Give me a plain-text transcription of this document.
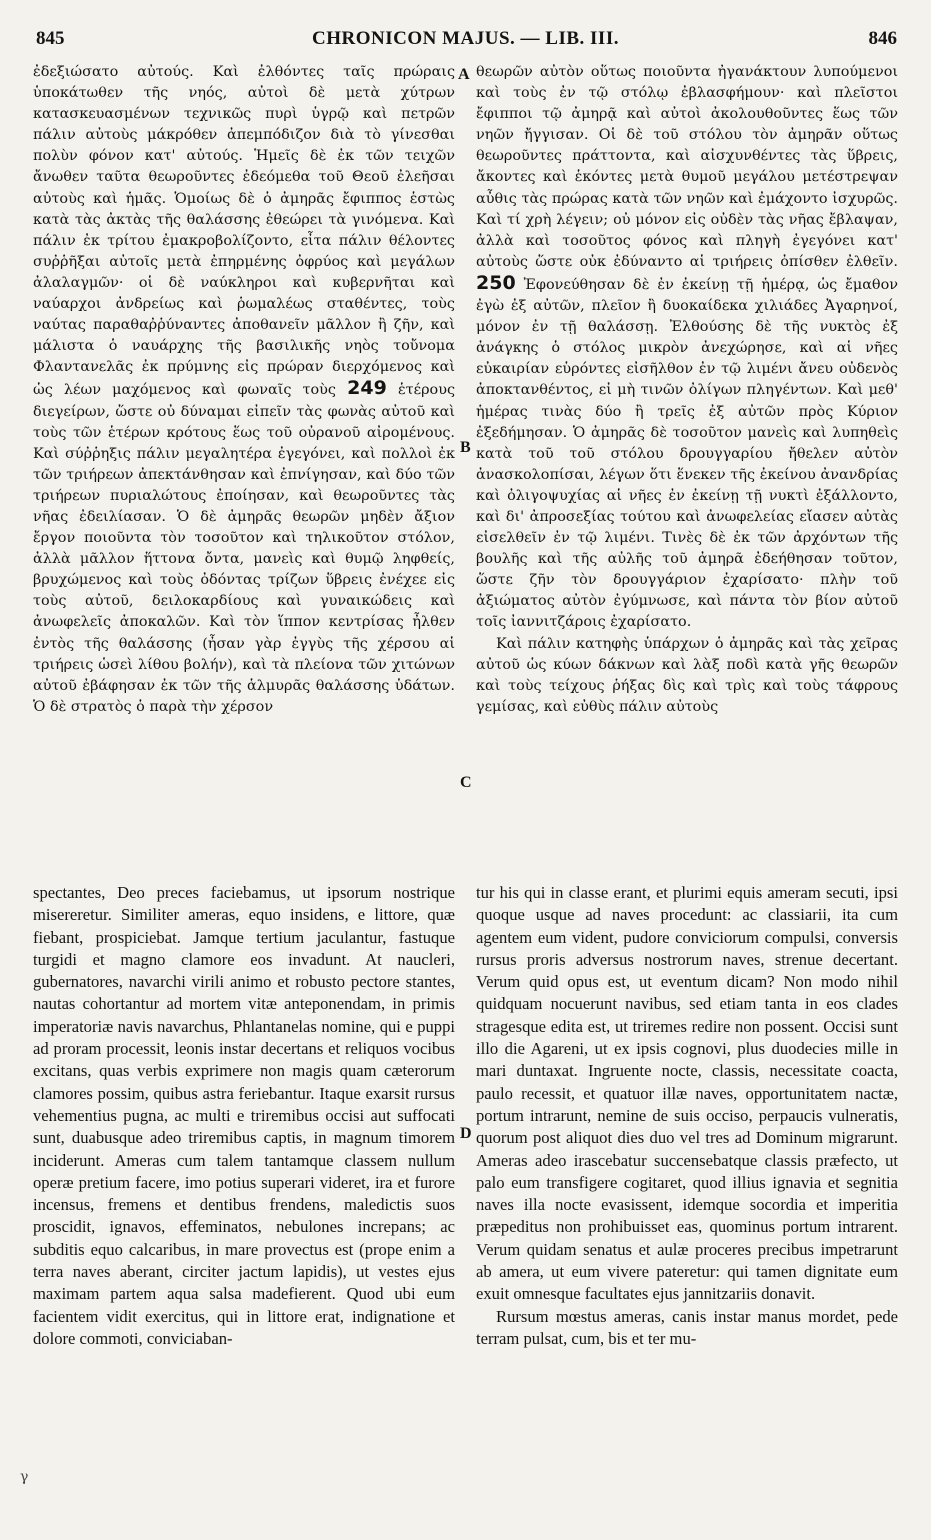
845	CHRONICON MAJUS. — LIB. III.	846

ἐδεξιώσατο αὐτούς. Καὶ ἐλθόντες ταῖς πρώραις ὑποκάτωθεν τῆς νηός, αὐτοὶ δὲ μετὰ χύτρων κατασκευασμένων τεχνικῶς πυρὶ ὑγρῷ καὶ πετρῶν πάλιν αὐτοὺς μάκρόθεν ἀπεμπόδιζον διὰ τὸ γίνεσθαι πολὺν φόνον κατ' αὐτούς. Ἡμεῖς δὲ ἐκ τῶν τειχῶν ἄνωθεν ταῦτα θεωροῦντες ἐδεόμεθα τοῦ Θεοῦ ἐλεῆσαι αὐτοὺς καὶ ἡμᾶς. Ὁμοίως δὲ ὁ ἀμηρᾶς ἔφιππος ἑστὼς κατὰ τὰς ἀκτὰς τῆς θαλάσσης ἐθεώρει τὰ γινόμενα. Καὶ πάλιν ἐκ τρίτου ἐμακροβολίζοντο, εἶτα πάλιν θέλοντες συῤῥῆξαι αὐτοῖς μετὰ ἐπηρμένης ὀφρύος καὶ μεγάλων ἀλαλαγμῶν· οἱ δὲ ναύκληροι καὶ κυβερνῆται καὶ ναύαρχοι ἀνδρείως καὶ ῥωμαλέως σταθέντες, τοὺς ναύτας παραθαῤῥύναντες ἀποθανεῖν μᾶλλον ἢ ζῆν, καὶ μάλιστα ὁ ναυάρχης τῆς βασιλικῆς νηὸς τοὔνομα Φλαντανελᾶς ἐκ πρύμνης εἰς πρώραν διερχόμενος καὶ ὡς λέων μαχόμενος καὶ φωναῖς τοὺς 249 ἑτέρους διεγείρων, ὥστε οὐ δύναμαι εἰπεῖν τὰς φωνὰς αὐτοῦ καὶ τοὺς τῶν ἑτέρων κρότους ἕως τοῦ οὐρανοῦ αἰρομένους. Καὶ σύῤῥηξις πάλιν μεγαλητέρα ἐγεγόνει, καὶ πολλοὶ ἐκ τῶν τριήρεων ἀπεκτάνθησαν καὶ ἐπνίγησαν, καὶ δύο τῶν τριήρεων πυριαλώτους ἐποίησαν, καὶ θεωροῦντες τὰς νῆας ἐδειλίασαν. Ὁ δὲ ἀμηρᾶς θεωρῶν μηδὲν ἄξιον ἔργον ποιοῦντα τὸν τοσοῦτον καὶ τηλικοῦτον στόλον, ἀλλὰ μᾶλλον ἥττονα ὄντα, μανεὶς καὶ θυμῷ ληφθείς, βρυχώμενος καὶ τοὺς ὀδόντας τρίζων ὕβρεις ἐνέχεε εἰς τοὺς αὐτοῦ, δειλοκαρδίους καὶ γυναικώδεις καὶ ἀνωφελεῖς ἀποκαλῶν. Καὶ τὸν ἵππον κεντρίσας ἦλθεν ἐντὸς τῆς θαλάσσης (ἦσαν γὰρ ἐγγὺς τῆς χέρσου αἱ τριήρεις ὡσεὶ λίθου βολήν), καὶ τὰ πλείονα τῶν χιτώνων αὐτοῦ ἐβάφησαν ἐκ τῶν τῆς ἁλμυρᾶς θαλάσσης ὑδάτων. Ὁ δὲ στρατὸς ὁ παρὰ τὴν χέρσον

θεωρῶν αὐτὸν οὕτως ποιοῦντα ἠγανάκτουν λυπούμενοι καὶ τοὺς ἐν τῷ στόλῳ ἐβλασφήμουν· καὶ πλεῖστοι ἔφιπποι τῷ ἀμηρᾷ καὶ αὐτοὶ ἀκολουθοῦντες ἕως τῶν νηῶν ἤγγισαν. Οἱ δὲ τοῦ στόλου τὸν ἀμηρᾶν οὕτως θεωροῦντες πράττοντα, καὶ αἰσχυνθέντες τὰς ὕβρεις, ἄκοντες καὶ ἑκόντες μετὰ θυμοῦ μεγάλου μετέστρεψαν αὖθις τὰς πρώρας κατὰ τῶν νηῶν καὶ ἐμάχοντο ἰσχυρῶς. Καὶ τί χρὴ λέγειν; οὐ μόνον εἰς οὐδὲν τὰς νῆας ἔβλαψαν, ἀλλὰ καὶ τοσοῦτος φόνος καὶ πληγὴ ἐγεγόνει κατ' αὐτοὺς ὥστε οὐκ ἐδύναντο αἱ τριήρεις ὀπίσθεν ἐλθεῖν. 250 Ἐφονεύθησαν δὲ ἐν ἐκείνῃ τῇ ἡμέρᾳ, ὡς ἔμαθον ἐγὼ ἐξ αὐτῶν, πλεῖον ἢ δυοκαίδεκα χιλιάδες Ἀγαρηνοί, μόνον ἐν τῇ θαλάσσῃ. Ἐλθούσης δὲ τῆς νυκτὸς ἐξ ἀνάγκης ὁ στόλος μικρὸν ἀνεχώρησε, καὶ αἱ νῆες εὐκαιρίαν εὑρόντες εἰσῆλθον ἐν τῷ λιμένι ἄνευ οὐδενὸς ἀποκτανθέντος, εἰ μὴ τινῶν ὀλίγων πληγέντων. Καὶ μεθ' ἡμέρας τινὰς δύο ἢ τρεῖς ἐξ αὐτῶν πρὸς Κύριον ἐξεδήμησαν. Ὁ ἀμηρᾶς δὲ τοσοῦτον μανεὶς καὶ λυπηθεὶς κατὰ τοῦ τοῦ στόλου δρουγγαρίου ἤθελεν αὐτὸν ἀνασκολοπίσαι, λέγων ὅτι ἕνεκεν τῆς ἐκείνου ἀνανδρίας καὶ ὀλιγοψυχίας αἱ νῆες ἐν ἐκείνῃ τῇ νυκτὶ ἐξάλλοντο, καὶ δι' ἀπροσεξίας τούτου καὶ ἀνωφελείας εἴασεν αὐτὰς εἰσελθεῖν ἐν τῷ λιμένι. Τινὲς δὲ ἐκ τῶν ἀρχόντων τῆς βουλῆς καὶ τῆς αὐλῆς τοῦ ἀμηρᾶ ἐδεήθησαν τοῦτον, ὥστε ζῆν τὸν δρουγγάριον ἐχαρίσατο· πλὴν τοῦ ἀξιώματος αὐτὸν ἐγύμνωσε, καὶ πάντα τὸν βίον αὐτοῦ τοῖς ἰαννιτζάροις ἐχαρίσατο.

Καὶ πάλιν κατηφὴς ὑπάρχων ὁ ἀμηρᾶς καὶ τὰς χεῖρας αὐτοῦ ὡς κύων δάκνων καὶ λὰξ ποδὶ κατὰ γῆς θεωρῶν καὶ τοὺς τείχους ῥήξας δὶς καὶ τρὶς καὶ τοὺς τάφρους γεμίσας, καὶ εὐθὺς πάλιν αὐτοὺς

spectantes, Deo preces faciebamus, ut ipsorum nostrique misereretur. Similiter ameras, equo insidens, e littore, quæ fiebant, prospiciebat. Jamque tertium jaculantur, fastuque turgidi et magno clamore eos invadunt. At naucleri, gubernatores, navarchi virili animo et robusto pectore stantes, nautas cohortantur ad mortem vitæ anteponendam, in primis imperatoriæ navis navarchus, Phlantanelas nomine, qui e puppi ad proram processit, leonis instar decertans et reliquos vocibus excitans, quas verbis exprimere non magis quam cæterorum clamores possim, quibus astra feriebantur. Itaque exarsit rursus vehementius pugna, ac multi e triremibus occisi aut suffocati sunt, duabusque adeo triremibus captis, in magnum timorem inciderunt. Ameras cum talem tantamque classem nullum operæ pretium facere, imo potius superari videret, ira et furore incensus, fremens et dentibus frendens, maledictis suos proscidit, ignavos, effeminatos, nebulones increpans; ac subditis equo calcaribus, in mare provectus est (prope enim a terra naves aberant, circiter jactum lapidis), ut vestes ejus maximam partem aqua salsa madefierent. Quod ubi eum facientem vidit exercitus, qui in littore erat, indignatione et dolore commoti, conviciaban-

tur his qui in classe erant, et plurimi equis ameram secuti, ipsi quoque usque ad naves procedunt: ac classiarii, ita cum agentem eum vident, pudore conviciorum compulsi, conversis rursus proris adversus nostrorum naves, strenue decertant. Verum quid opus est, ut eventum dicam? Non modo nihil quidquam nocuerunt navibus, sed etiam tanta in eos clades stragesque edita est, ut triremes redire non possent. Occisi sunt illo die Agareni, ut ex ipsis cognovi, plus duodecies mille in mari duntaxat. Ingruente nocte, classis, necessitate coacta, paulo recessit, et quatuor illæ naves, opportunitatem nactæ, portum intrarunt, nemine de suis occiso, perpaucis vulneratis, quorum post aliquot dies duo vel tres ad Dominum migrarunt. Ameras adeo irascebatur succensebatque classis præfecto, ut palo eum transfigere cogitaret, quod illius ignavia et segnitia naves illa nocte evasissent, idemque socordia et imperitia præpeditus non prohibuisset eas, quominus portum intrarent. Verum quidam senatus et aulæ proceres precibus impetrarunt ab amera, ut eum vivere pateretur: qui tamen dignitate eum exuit omnesque facultates ejus jannitzariis donavit.

Rursum mœstus ameras, canis instar manus mordet, pede terram pulsat, cum, bis et ter mu-

A
B
C
D
γ
